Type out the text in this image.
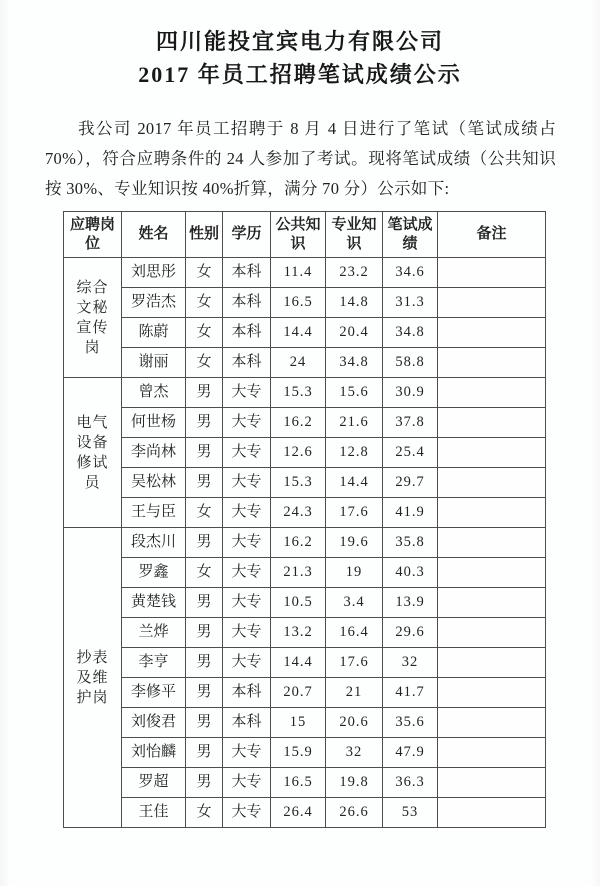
四川能投宜宾电力有限公司
2017 年员工招聘笔试成绩公示

我公司 2017 年员工招聘于 8 月 4 日进行了笔试（笔试成绩占 70%），符合应聘条件的 24 人参加了考试。现将笔试成绩（公共知识按 30%、专业知识按 40%折算，满分 70 分）公示如下:

应聘岗位	姓名	性别	学历	公共知识	专业知识	笔试成绩	备注
综合文秘宣传岗	刘思彤	女	本科	11.4	23.2	34.6	
	罗浩杰	女	本科	16.5	14.8	31.3	
	陈蔚	女	本科	14.4	20.4	34.8	
	谢丽	女	本科	24	34.8	58.8	
电气设备修试员	曾杰	男	大专	15.3	15.6	30.9	
	何世杨	男	大专	16.2	21.6	37.8	
	李尚林	男	大专	12.6	12.8	25.4	
	吴松林	男	大专	15.3	14.4	29.7	
	王与臣	女	大专	24.3	17.6	41.9	
抄表及维护岗	段杰川	男	大专	16.2	19.6	35.8	
	罗鑫	女	大专	21.3	19	40.3	
	黄楚钱	男	大专	10.5	3.4	13.9	
	兰烨	男	大专	13.2	16.4	29.6	
	李亨	男	大专	14.4	17.6	32	
	李修平	男	本科	20.7	21	41.7	
	刘俊君	男	本科	15	20.6	35.6	
	刘怡麟	男	大专	15.9	32	47.9	
	罗超	男	大专	16.5	19.8	36.3	
	王佳	女	大专	26.4	26.6	53	
